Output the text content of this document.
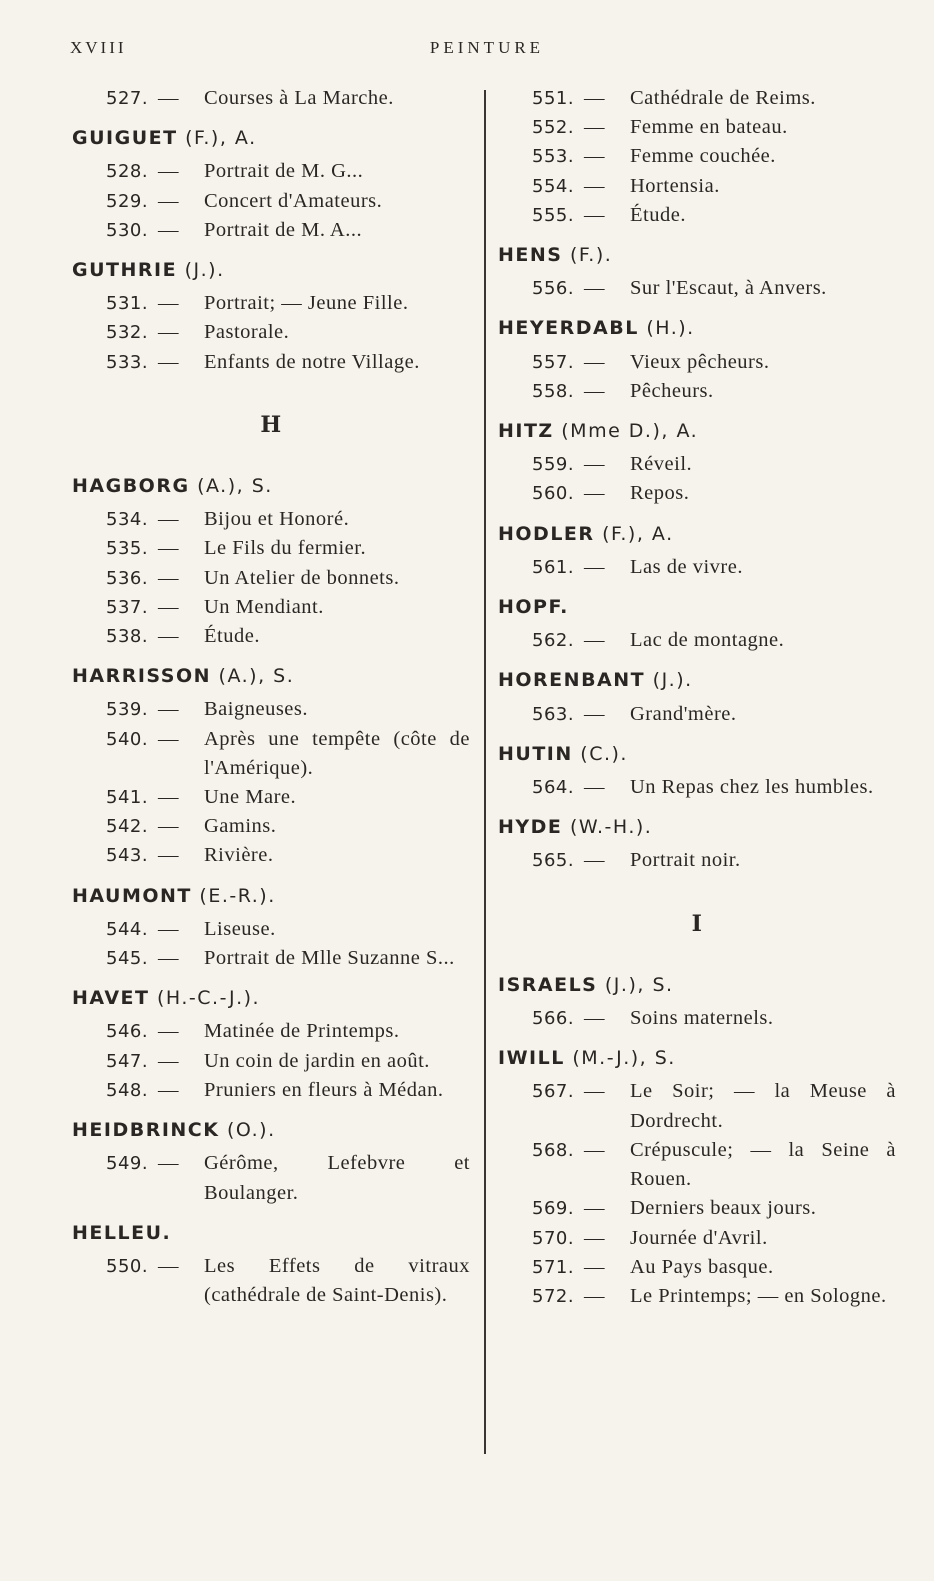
XVIII	PEINTURE
527. —	Courses à La Marche.
GUIGUET (F.), A.
528. —	Portrait de M. G...
529. —	Concert d'Amateurs.
530. —	Portrait de M. A...
GUTHRIE (J.).
531. —	Portrait; — Jeune Fille.
532. —	Pastorale.
533. —	Enfants de notre Village.
H
HAGBORG (A.), S.
534. —	Bijou et Honoré.
535. —	Le Fils du fermier.
536. —	Un Atelier de bonnets.
537. —	Un Mendiant.
538. —	Étude.
HARRISSON (A.), S.
539. —	Baigneuses.
540. —	Après une tempête (côte de l'Amérique).
541. —	Une Mare.
542. —	Gamins.
543. —	Rivière.
HAUMONT (E.-R.).
544. —	Liseuse.
545. —	Portrait de Mlle Suzanne S...
HAVET (H.-C.-J.).
546. —	Matinée de Printemps.
547. —	Un coin de jardin en août.
548. —	Pruniers en fleurs à Médan.
HEIDBRINCK (O.).
549. —	Gérôme, Lefebvre et Boulanger.
HELLEU.
550. —	Les Effets de vitraux (cathédrale de Saint-Denis).
551. —	Cathédrale de Reims.
552. —	Femme en bateau.
553. —	Femme couchée.
554. —	Hortensia.
555. —	Étude.
HENS (F.).
556. —	Sur l'Escaut, à Anvers.
HEYERDABL (H.).
557. —	Vieux pêcheurs.
558. —	Pêcheurs.
HITZ (Mme D.), A.
559. —	Réveil.
560. —	Repos.
HODLER (F.), A.
561. —	Las de vivre.
HOPF.
562. —	Lac de montagne.
HORENBANT (J.).
563. —	Grand'mère.
HUTIN (C.).
564. —	Un Repas chez les humbles.
HYDE (W.-H.).
565. —	Portrait noir.
I
ISRAELS (J.), S.
566. —	Soins maternels.
IWILL (M.-J.), S.
567. —	Le Soir; — la Meuse à Dordrecht.
568. —	Crépuscule; — la Seine à Rouen.
569. —	Derniers beaux jours.
570. —	Journée d'Avril.
571. —	Au Pays basque.
572. —	Le Printemps; — en Sologne.
